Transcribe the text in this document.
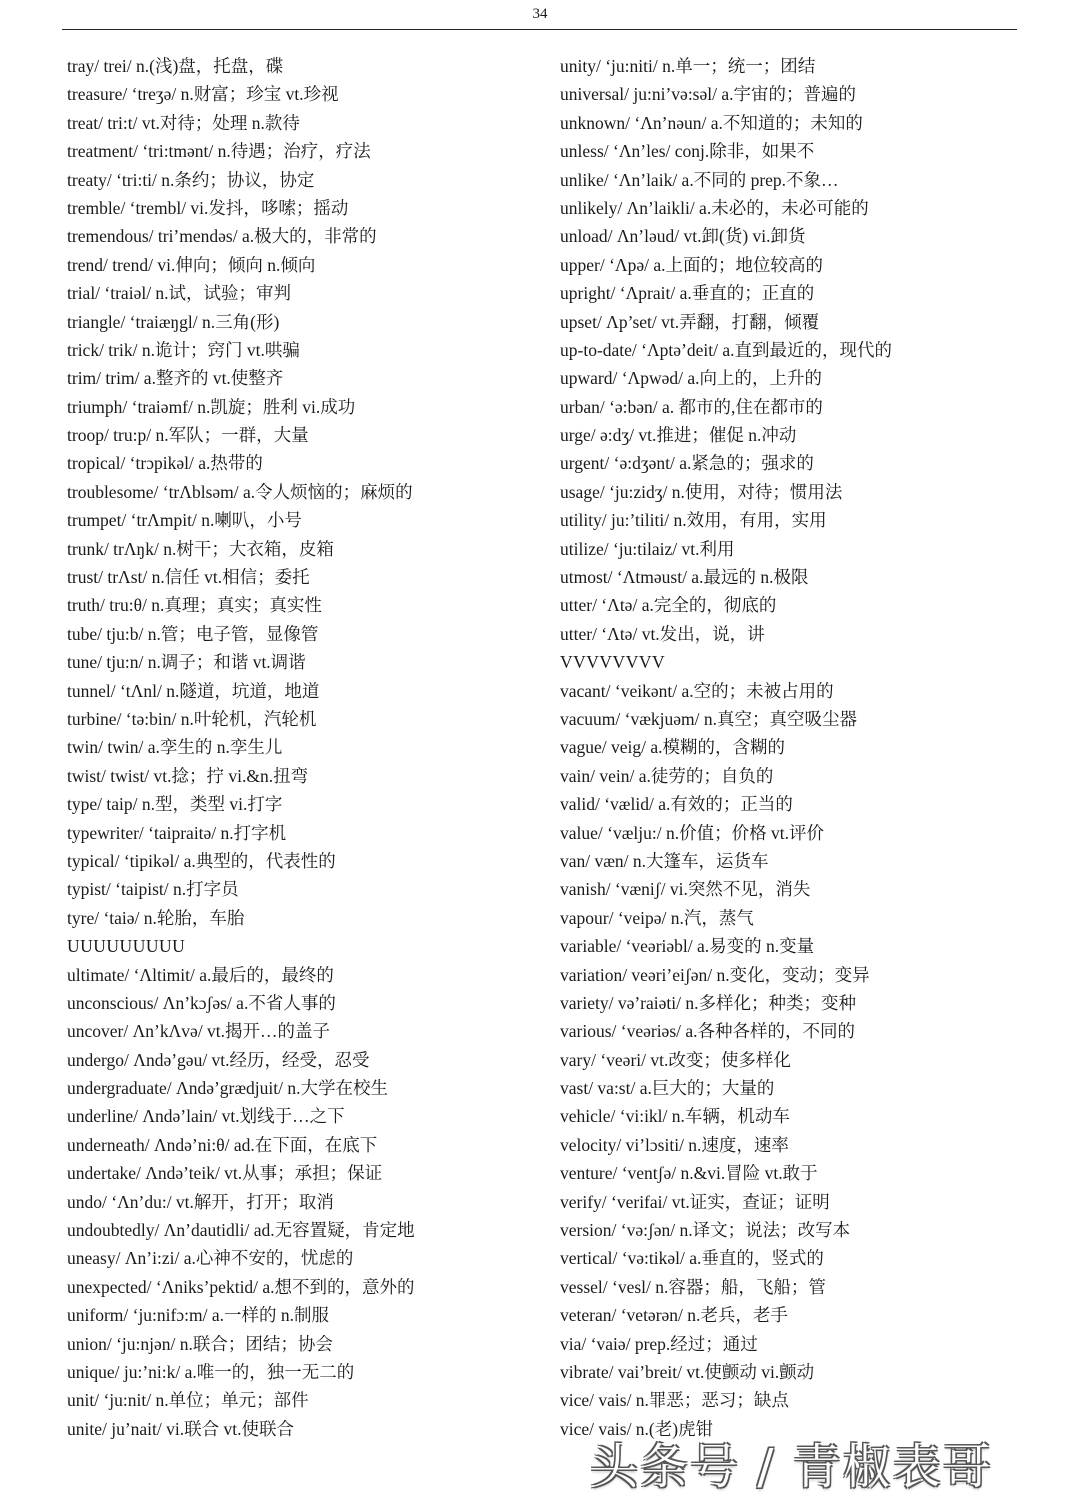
34
tray/ trei/ n.(浅)盘，托盘，碟
treasure/ ‘treʒə/ n.财富；珍宝 vt.珍视
treat/ tri:t/ vt.对待；处理 n.款待
treatment/ ‘tri:tmənt/ n.待遇；治疗，疗法
treaty/ ‘tri:ti/ n.条约；协议，协定
tremble/ ‘trembl/ vi.发抖，哆嗦；摇动
tremendous/ tri’mendəs/ a.极大的，非常的
trend/ trend/ vi.伸向；倾向 n.倾向
trial/ ‘traiəl/ n.试，试验；审判
triangle/ ‘traiæŋgl/ n.三角(形)
trick/ trik/ n.诡计；窍门 vt.哄骗
trim/ trim/ a.整齐的 vt.使整齐
triumph/ ‘traiəmf/ n.凯旋；胜利 vi.成功
troop/ tru:p/ n.军队；一群，大量
tropical/ ‘trɔpikəl/ a.热带的
troublesome/ ‘trΛblsəm/ a.令人烦恼的；麻烦的
trumpet/ ‘trΛmpit/ n.喇叭，小号
trunk/ trΛŋk/ n.树干；大衣箱，皮箱
trust/ trΛst/ n.信任 vt.相信；委托
truth/ tru:θ/ n.真理；真实；真实性
tube/ tju:b/ n.管；电子管，显像管
tune/ tju:n/ n.调子；和谐 vt.调谐
tunnel/ ‘tΛnl/ n.隧道，坑道，地道
turbine/ ‘tə:bin/ n.叶轮机，汽轮机
twin/ twin/ a.孪生的 n.孪生儿
twist/ twist/ vt.捻；拧 vi.&n.扭弯
type/ taip/ n.型，类型 vi.打字
typewriter/ ‘taipraitə/ n.打字机
typical/ ‘tipikəl/ a.典型的，代表性的
typist/ ‘taipist/ n.打字员
tyre/ ‘taiə/ n.轮胎，车胎
UUUUUUUUU
ultimate/ ‘Λltimit/ a.最后的，最终的
unconscious/ Λn’kɔʃəs/ a.不省人事的
uncover/ Λn’kΛvə/ vt.揭开…的盖子
undergo/ Λndə’gəu/ vt.经历，经受，忍受
undergraduate/ Λndə’grædjuit/ n.大学在校生
underline/ Λndə’lain/ vt.划线于…之下
underneath/ Λndə’ni:θ/ ad.在下面，在底下
undertake/ Λndə’teik/ vt.从事；承担；保证
undo/ ‘Λn’du:/ vt.解开，打开；取消
undoubtedly/ Λn’dautidli/ ad.无容置疑，肯定地
uneasy/ Λn’i:zi/ a.心神不安的，忧虑的
unexpected/ ‘Λniks’pektid/ a.想不到的，意外的
uniform/ ‘ju:nifɔ:m/ a.一样的 n.制服
union/ ‘ju:njən/ n.联合；团结；协会
unique/ ju:’ni:k/ a.唯一的，独一无二的
unit/ ‘ju:nit/ n.单位；单元；部件
unite/ ju’nait/ vi.联合 vt.使联合
unity/ ‘ju:niti/ n.单一；统一；团结
universal/ ju:ni’və:səl/ a.宇宙的；普遍的
unknown/ ‘Λn’nəun/ a.不知道的；未知的
unless/ ‘Λn’les/ conj.除非，如果不
unlike/ ‘Λn’laik/ a.不同的 prep.不象…
unlikely/ Λn’laikli/ a.未必的，未必可能的
unload/ Λn’ləud/ vt.卸(货) vi.卸货
upper/ ‘Λpə/ a.上面的；地位较高的
upright/ ‘Λprait/ a.垂直的；正直的
upset/ Λp’set/ vt.弄翻，打翻，倾覆
up-to-date/ ‘Λptə’deit/ a.直到最近的，现代的
upward/ ‘Λpwəd/ a.向上的，上升的
urban/ ‘ə:bən/ a. 都市的,住在都市的
urge/ ə:dʒ/ vt.推进；催促 n.冲动
urgent/ ‘ə:dʒənt/ a.紧急的；强求的
usage/ ‘ju:zidʒ/ n.使用，对待；惯用法
utility/ ju:’tiliti/ n.效用，有用，实用
utilize/ ‘ju:tilaiz/ vt.利用
utmost/ ‘Λtməust/ a.最远的 n.极限
utter/ ‘Λtə/ a.完全的，彻底的
utter/ ‘Λtə/ vt.发出，说，讲
VVVVVVVV
vacant/ ‘veikənt/ a.空的；未被占用的
vacuum/ ‘vækjuəm/ n.真空；真空吸尘器
vague/ veig/ a.模糊的，含糊的
vain/ vein/ a.徒劳的；自负的
valid/ ‘vælid/ a.有效的；正当的
value/ ‘vælju:/ n.价值；价格 vt.评价
van/ væn/ n.大篷车，运货车
vanish/ ‘væniʃ/ vi.突然不见，消失
vapour/ ‘veipə/ n.汽，蒸气
variable/ ‘veəriəbl/ a.易变的 n.变量
variation/ veəri’eiʃən/ n.变化，变动；变异
variety/ və’raiəti/ n.多样化；种类；变种
various/ ‘veəriəs/ a.各种各样的，不同的
vary/ ‘veəri/ vt.改变；使多样化
vast/ va:st/ a.巨大的；大量的
vehicle/ ‘vi:ikl/ n.车辆，机动车
velocity/ vi’lɔsiti/ n.速度，速率
venture/ ‘ventʃə/ n.&vi.冒险 vt.敢于
verify/ ‘verifai/ vt.证实，查证；证明
version/ ‘və:ʃən/ n.译文；说法；改写本
vertical/ ‘və:tikəl/ a.垂直的，竖式的
vessel/ ‘vesl/ n.容器；船，飞船；管
veteran/ ‘vetərən/ n.老兵，老手
via/ ‘vaiə/ prep.经过；通过
vibrate/ vai’breit/ vt.使颤动 vi.颤动
vice/ vais/ n.罪恶；恶习；缺点
vice/ vais/ n.(老)虎钳
头条号 / 青椒表哥
